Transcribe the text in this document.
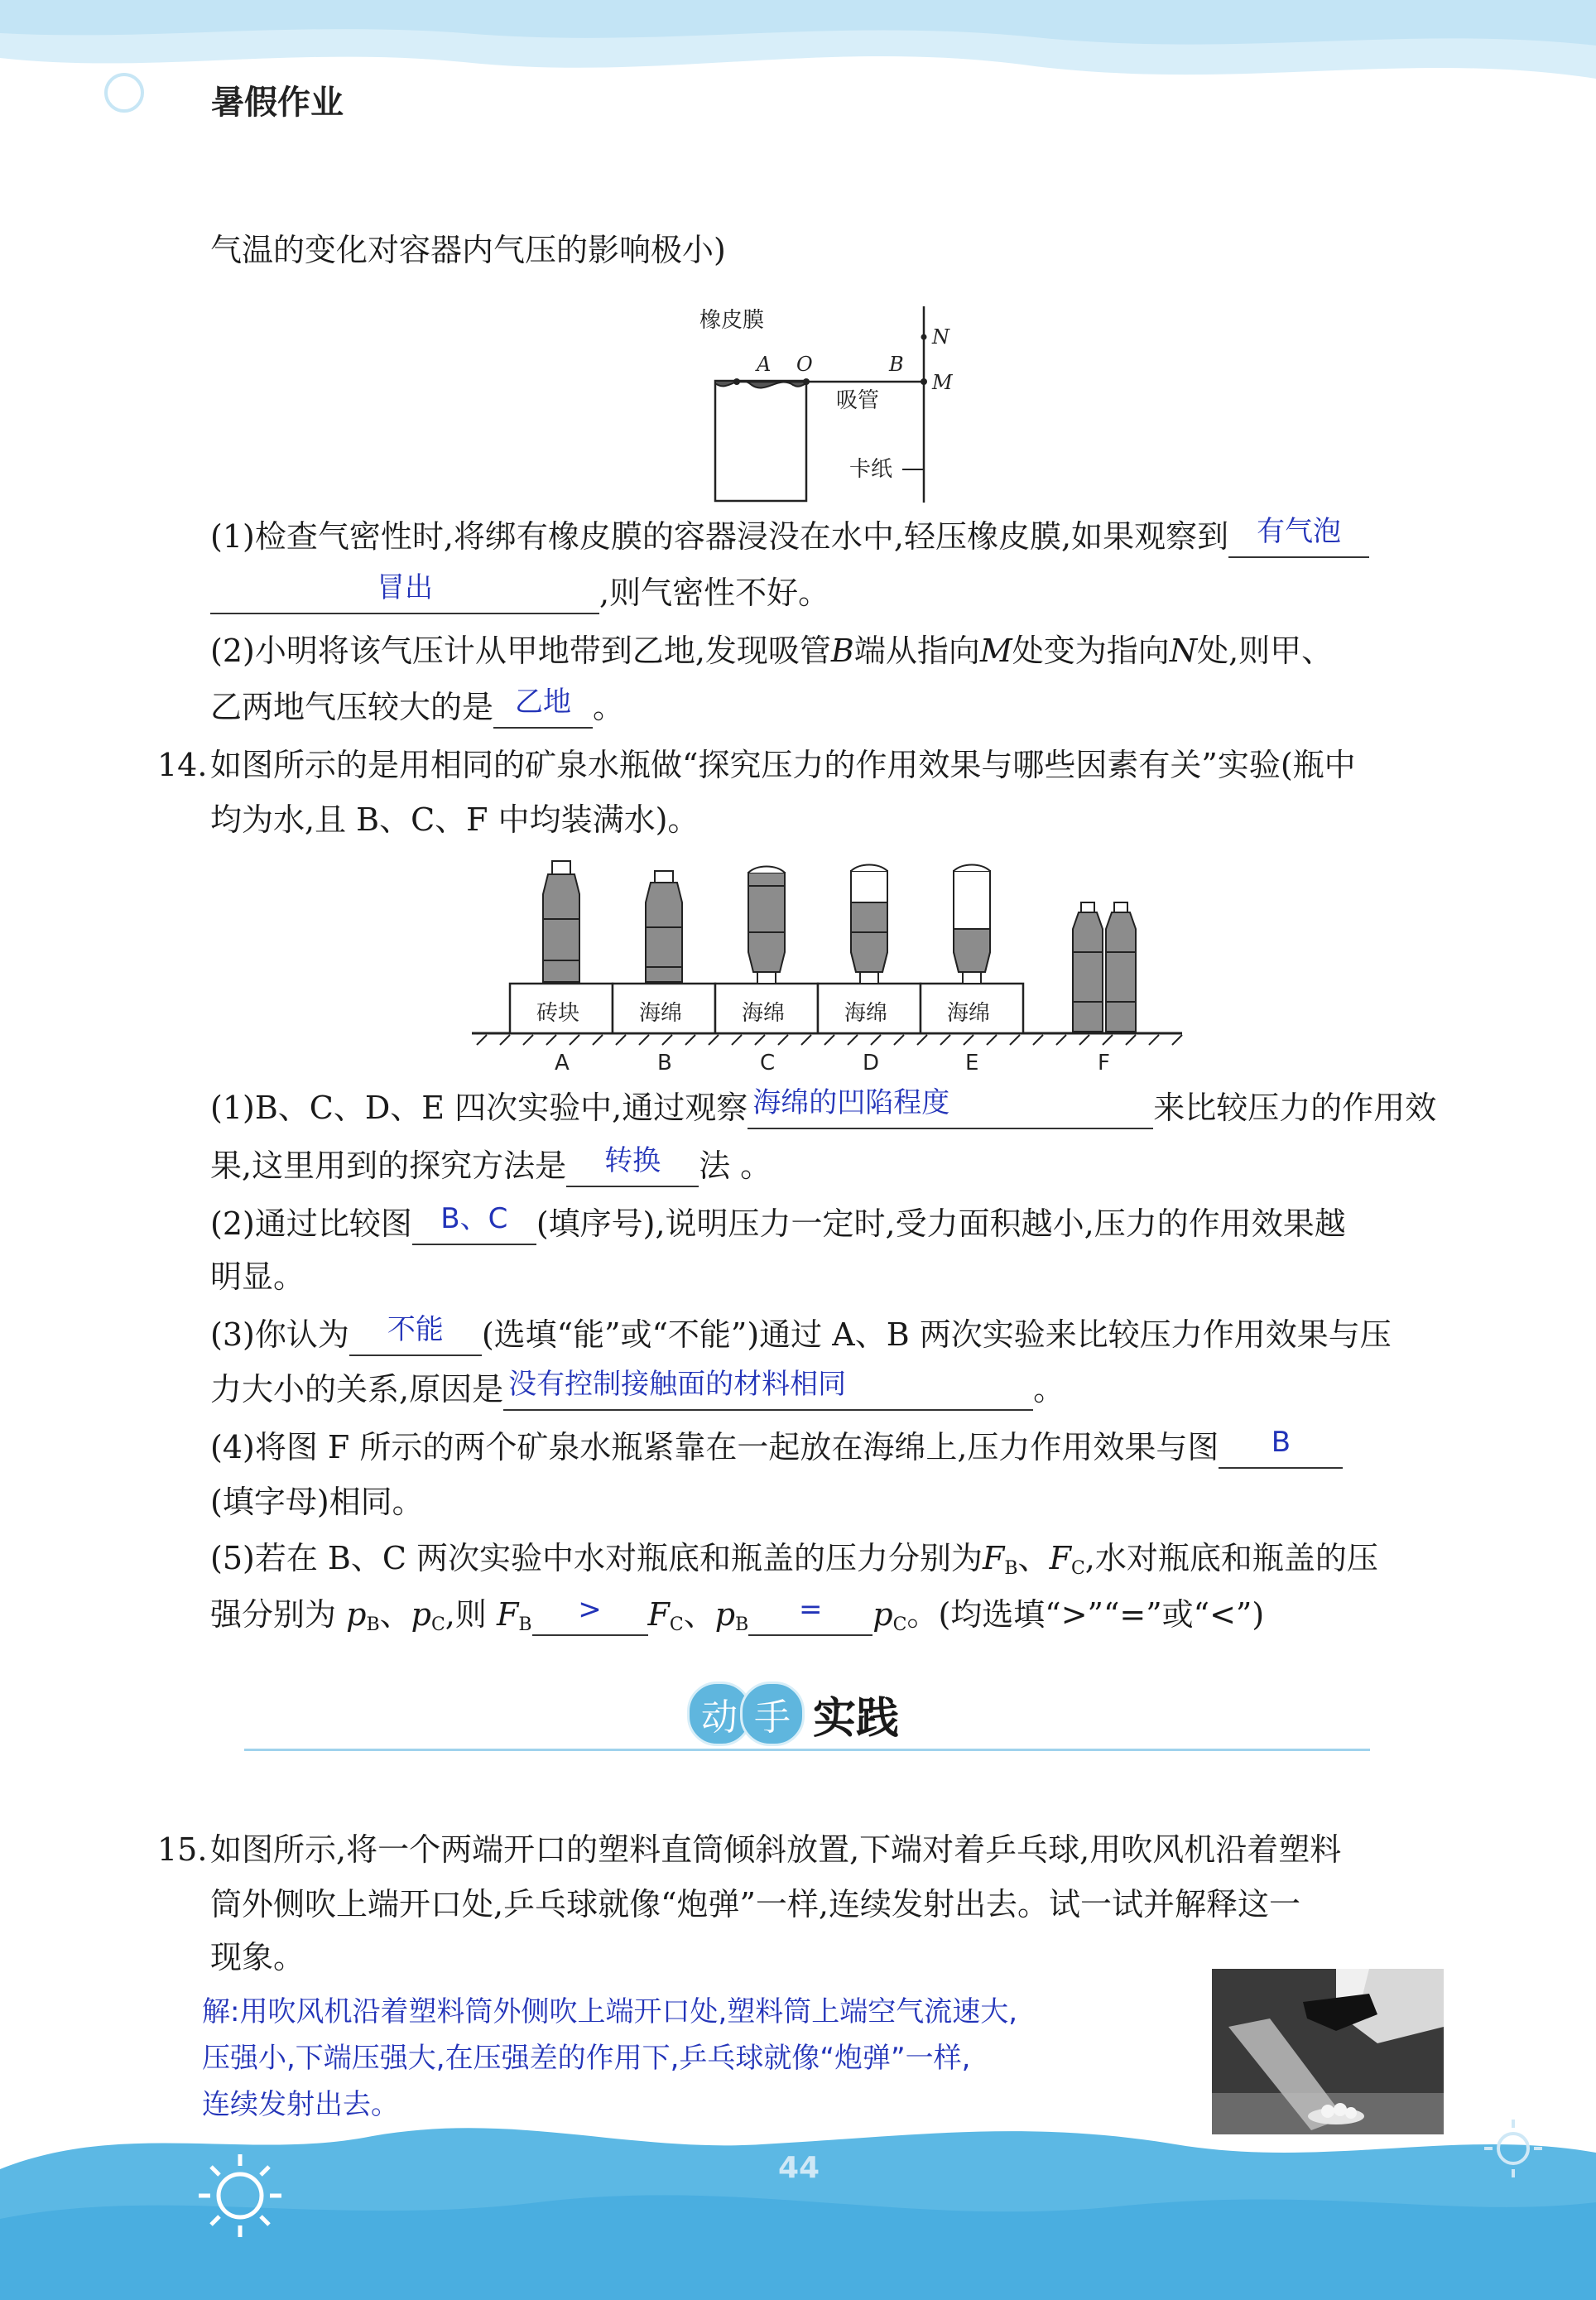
暑假作业
气温的变化对容器内气压的影响极小)
橡皮膜
A O	B
吸管
N
M
卡纸
(1)检查气密性时,将绑有橡皮膜的容器浸没在水中,轻压橡皮膜,如果观察到 有气泡
冒出	,则气密性不好。
(2)小明将该气压计从甲地带到乙地,发现吸管B端从指向M处变为指向N处,则甲、
乙两地气压较大的是 乙地 。
14. 如图所示的是用相同的矿泉水瓶做“探究压力的作用效果与哪些因素有关”实验(瓶中
均为水,且 B、C、F 中均装满水)。
砖块	海绵	海绵	海绵	海绵
A	B	C	D	E	F
(1)B、C、D、E 四次实验中,通过观察 海绵的凹陷程度	来比较压力的作用效
果,这里用到的探究方法是 转换 法 。
(2)通过比较图 B、C (填序号),说明压力一定时,受力面积越小,压力的作用效果越
明显。
(3)你认为 不能 (选填“能”或“不能”)通过 A、B 两次实验来比较压力作用效果与压
力大小的关系,原因是 没有控制接触面的材料相同	。
(4)将图 F 所示的两个矿泉水瓶紧靠在一起放在海绵上,压力作用效果与图 B
(填字母)相同。
(5)若在 B、C 两次实验中水对瓶底和瓶盖的压力分别为$F_B$、$F_C$,水对瓶底和瓶盖的压
强分别为 $p_B$、$p_C$,则 $F_B > F_C$、$p_B = p_C$。(均选填“>”“=”或“<”)
动 手 实践
15. 如图所示,将一个两端开口的塑料直筒倾斜放置,下端对着乒乓球,用吹风机沿着塑料
筒外侧吹上端开口处,乒乓球就像“炮弹”一样,连续发射出去。试一试并解释这一
现象。
解:用吹风机沿着塑料筒外侧吹上端开口处,塑料筒上端空气流速大,
压强小,下端压强大,在压强差的作用下,乒乓球就像“炮弹”一样,
连续发射出去。
44
